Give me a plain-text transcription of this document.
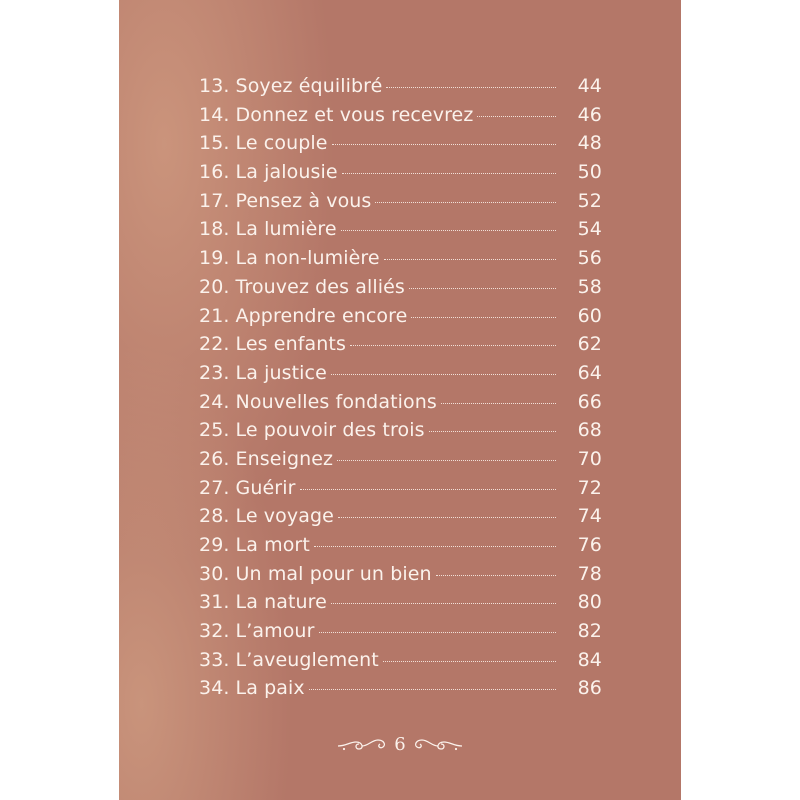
13. Soyez équilibré	44
14. Donnez et vous recevrez	46
15. Le couple	48
16. La jalousie	50
17. Pensez à vous	52
18. La lumière	54
19. La non-lumière	56
20. Trouvez des alliés	58
21. Apprendre encore	60
22. Les enfants	62
23. La justice	64
24. Nouvelles fondations	66
25. Le pouvoir des trois	68
26. Enseignez	70
27. Guérir	72
28. Le voyage	74
29. La mort	76
30. Un mal pour un bien	78
31. La nature	80
32. L’amour	82
33. L’aveuglement	84
34. La paix	86
6
